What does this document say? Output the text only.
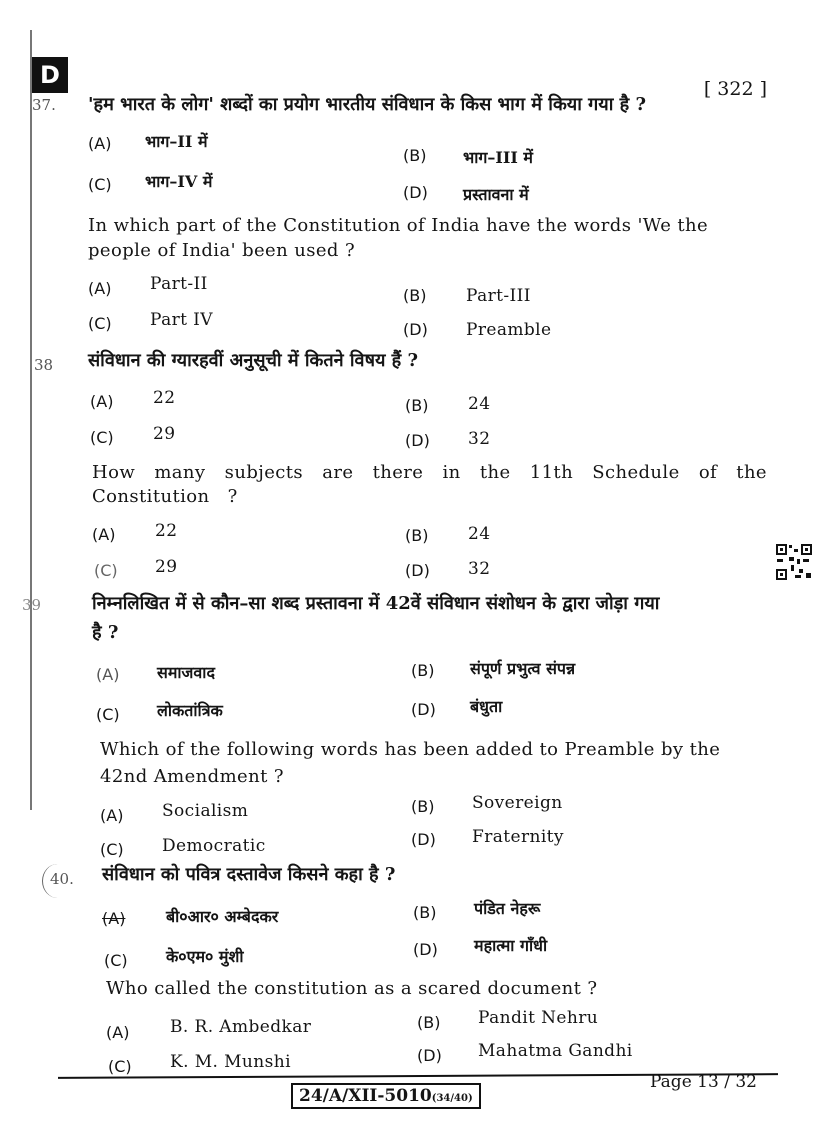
D	[ 322 ]
37. 'हम भारत के लोग' शब्दों का प्रयोग भारतीय संविधान के किस भाग में किया गया है ?
(A) भाग–II में
(B) भाग–III में
(C) भाग–IV में
(D) प्रस्तावना में
In which part of the Constitution of India have the words 'We the people of India' been used ?
(A) Part-II
(B) Part-III
(C) Part IV	(D) Preamble
38 संविधान की ग्यारहवीं अनुसूची में कितने विषय हैं ?
(A) 22	(B) 24
(C) 29	(D) 32
How many subjects are there in the 11th Schedule of the Constitution ?
(A) 22	(B) 24
(C) 29	(D) 32
39	निम्नलिखित में से कौन–सा शब्द प्रस्तावना में 42वें संविधान संशोधन के द्वारा जोड़ा गया
है ?
(A) समाजवाद	(B) संपूर्ण प्रभुत्व संपन्न
(C) लोकतांत्रिक	(D) बंधुता
Which of the following words has been added to Preamble by the 42nd Amendment ?
(A) Socialism	(B) Sovereign
(C) Democratic	(D) Fraternity
40. संविधान को पवित्र दस्तावेज किसने कहा है ?
(A)	बी०आर० अम्बेदकर	(B) पंडित नेहरू
(C) के०एम० मुंशी	(D) महात्मा गाँधी
Who called the constitution as a scared document ?
(A) B. R. Ambedkar	(B) Pandit Nehru
(C) K. M. Munshi	(D) Mahatma Gandhi
24/A/XII-5010(34/40)
Page 13 / 32
